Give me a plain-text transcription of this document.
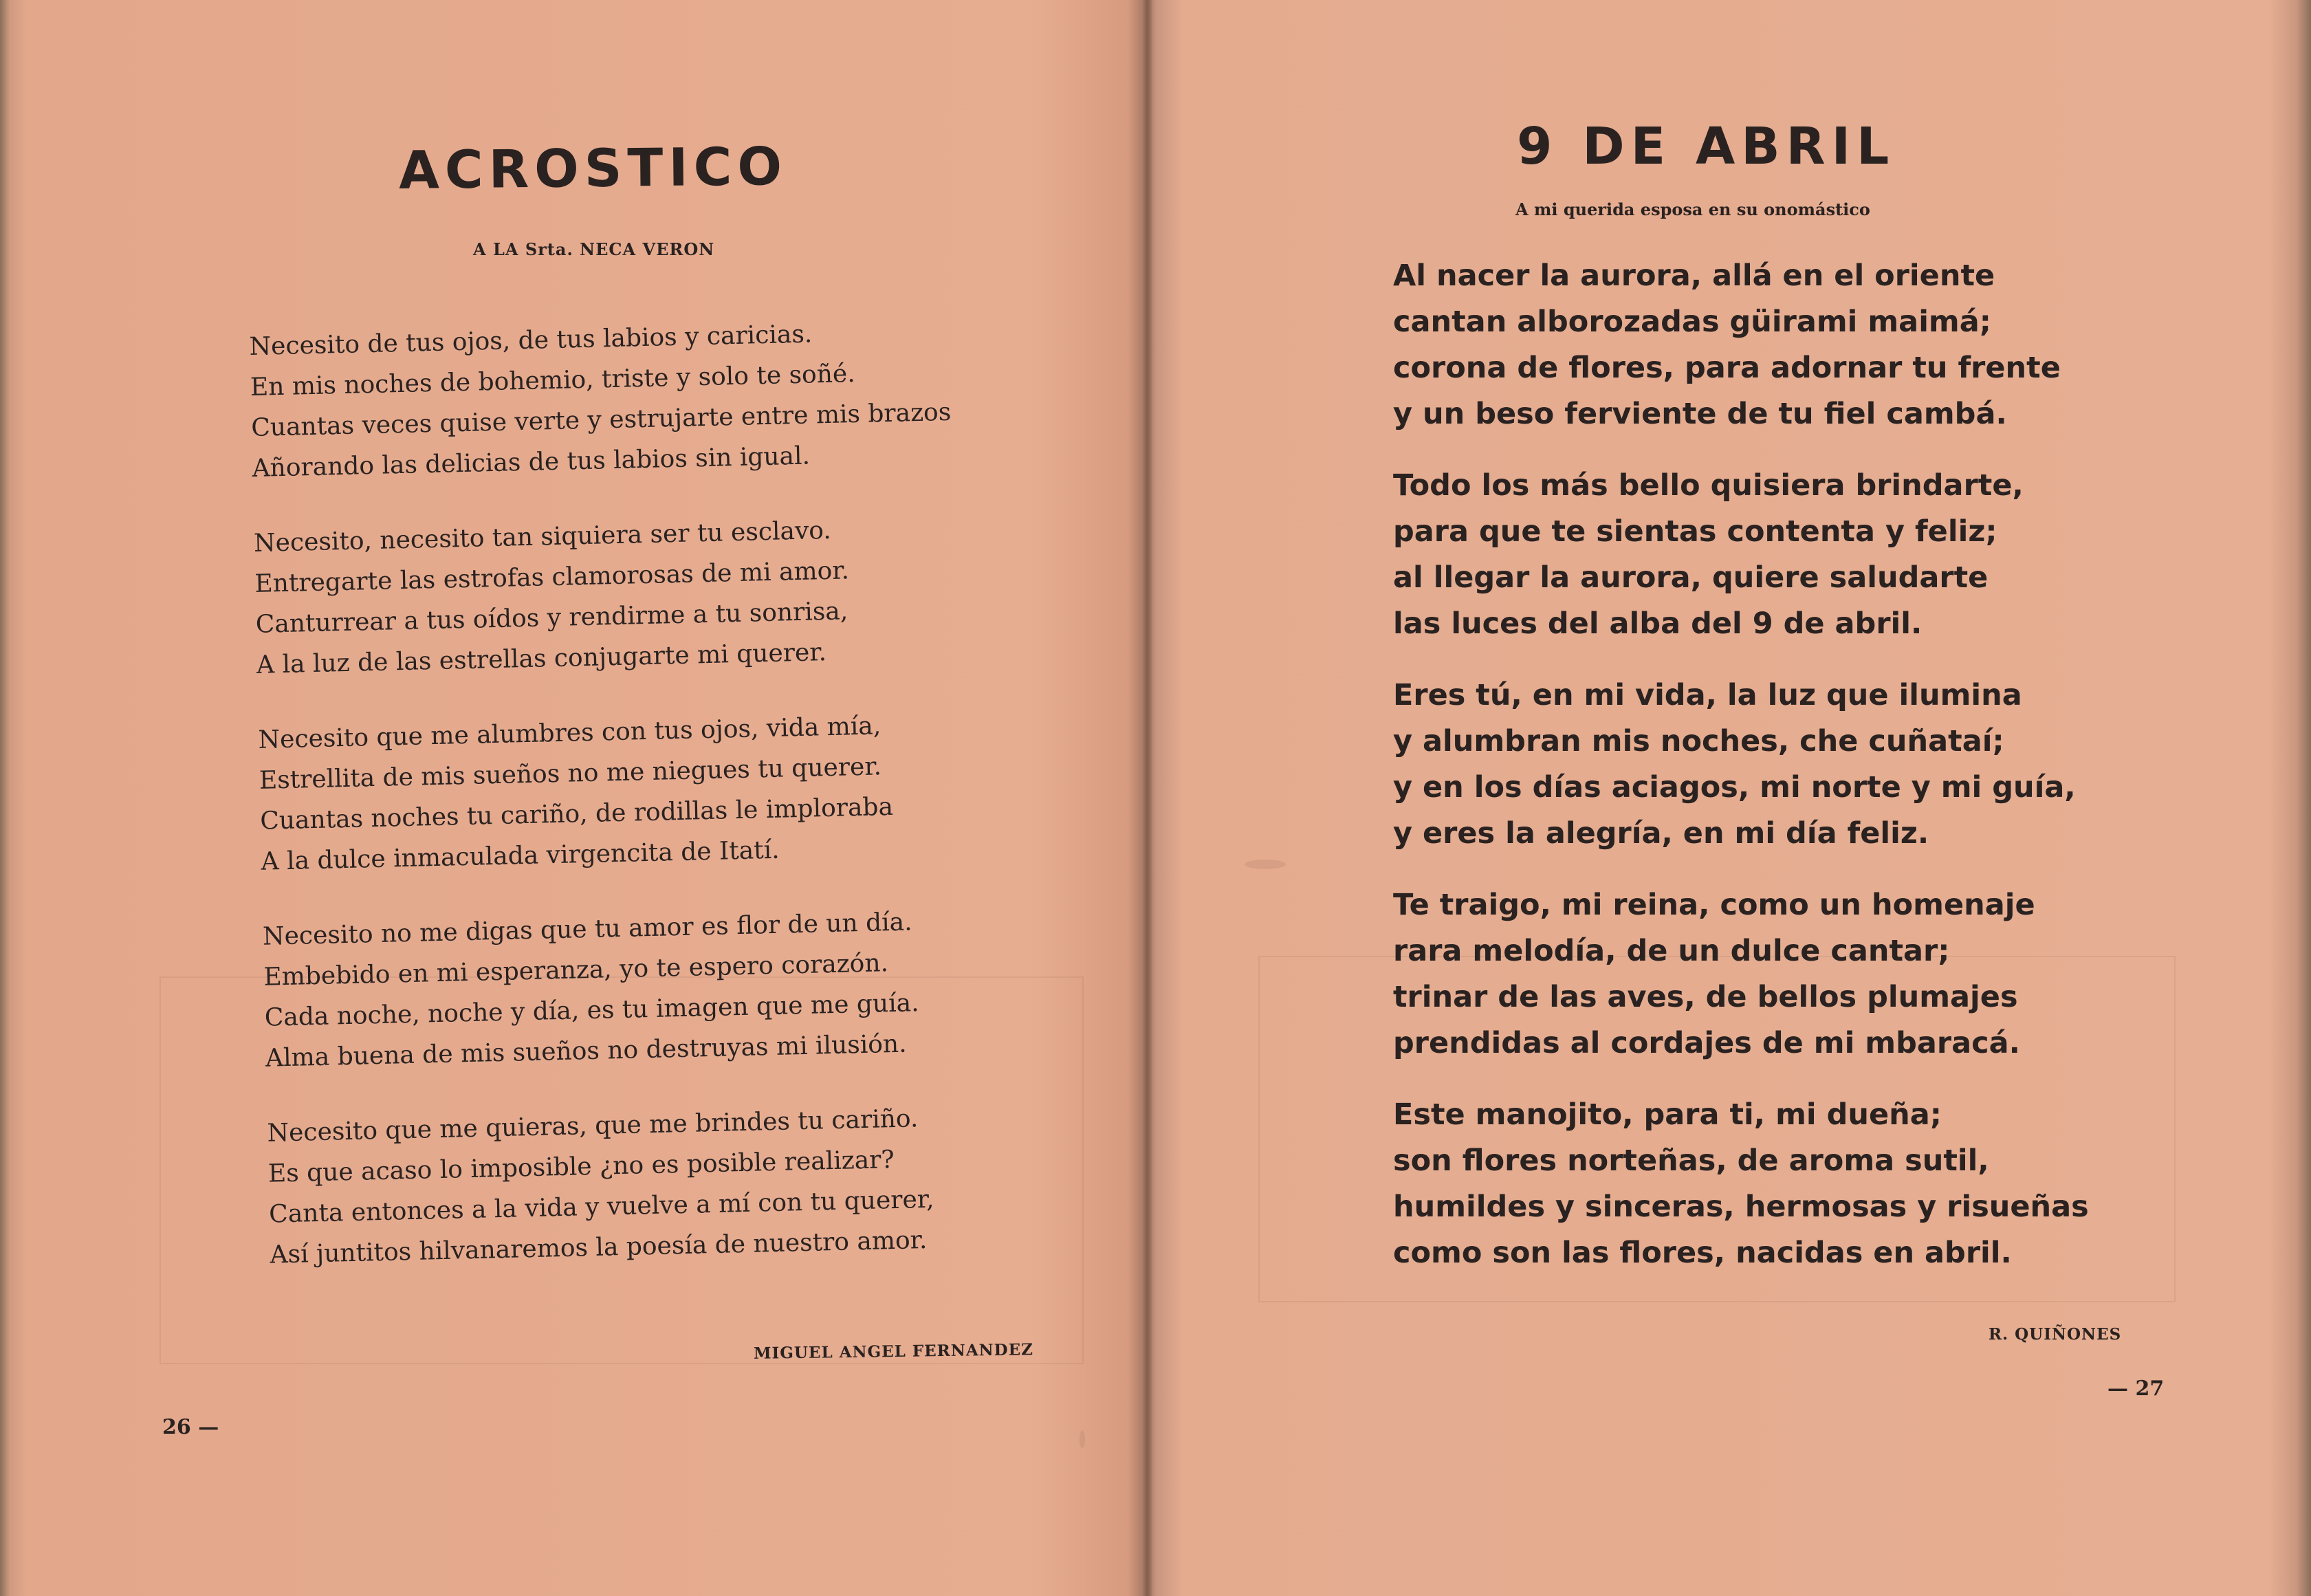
ACROSTICO
A LA Srta. NECA VERON
Necesito de tus ojos, de tus labios y caricias.
En mis noches de bohemio, triste y solo te soñé.
Cuantas veces quise verte y estrujarte entre mis brazos
Añorando las delicias de tus labios sin igual.
Necesito, necesito tan siquiera ser tu esclavo.
Entregarte las estrofas clamorosas de mi amor.
Canturrear a tus oídos y rendirme a tu sonrisa,
A la luz de las estrellas conjugarte mi querer.
Necesito que me alumbres con tus ojos, vida mía,
Estrellita de mis sueños no me niegues tu querer.
Cuantas noches tu cariño, de rodillas le imploraba
A la dulce inmaculada virgencita de Itatí.
Necesito no me digas que tu amor es flor de un día.
Embebido en mi esperanza, yo te espero corazón.
Cada noche, noche y día, es tu imagen que me guía.
Alma buena de mis sueños no destruyas mi ilusión.
Necesito que me quieras, que me brindes tu cariño.
Es que acaso lo imposible ¿no es posible realizar?
Canta entonces a la vida y vuelve a mí con tu querer,
Así juntitos hilvanaremos la poesía de nuestro amor.
MIGUEL ANGEL FERNANDEZ
26 —
9 DE ABRIL
A mi querida esposa en su onomástico
Al nacer la aurora, allá en el oriente
cantan alborozadas güirami maimá;
corona de flores, para adornar tu frente
y un beso ferviente de tu fiel cambá.
Todo los más bello quisiera brindarte,
para que te sientas contenta y feliz;
al llegar la aurora, quiere saludarte
las luces del alba del 9 de abril.
Eres tú, en mi vida, la luz que ilumina
y alumbran mis noches, che cuñataí;
y en los días aciagos, mi norte y mi guía,
y eres la alegría, en mi día feliz.
Te traigo, mi reina, como un homenaje
rara melodía, de un dulce cantar;
trinar de las aves, de bellos plumajes
prendidas al cordajes de mi mbaracá.
Este manojito, para ti, mi dueña;
son flores norteñas, de aroma sutil,
humildes y sinceras, hermosas y risueñas
como son las flores, nacidas en abril.
R. QUIÑONES
— 27
